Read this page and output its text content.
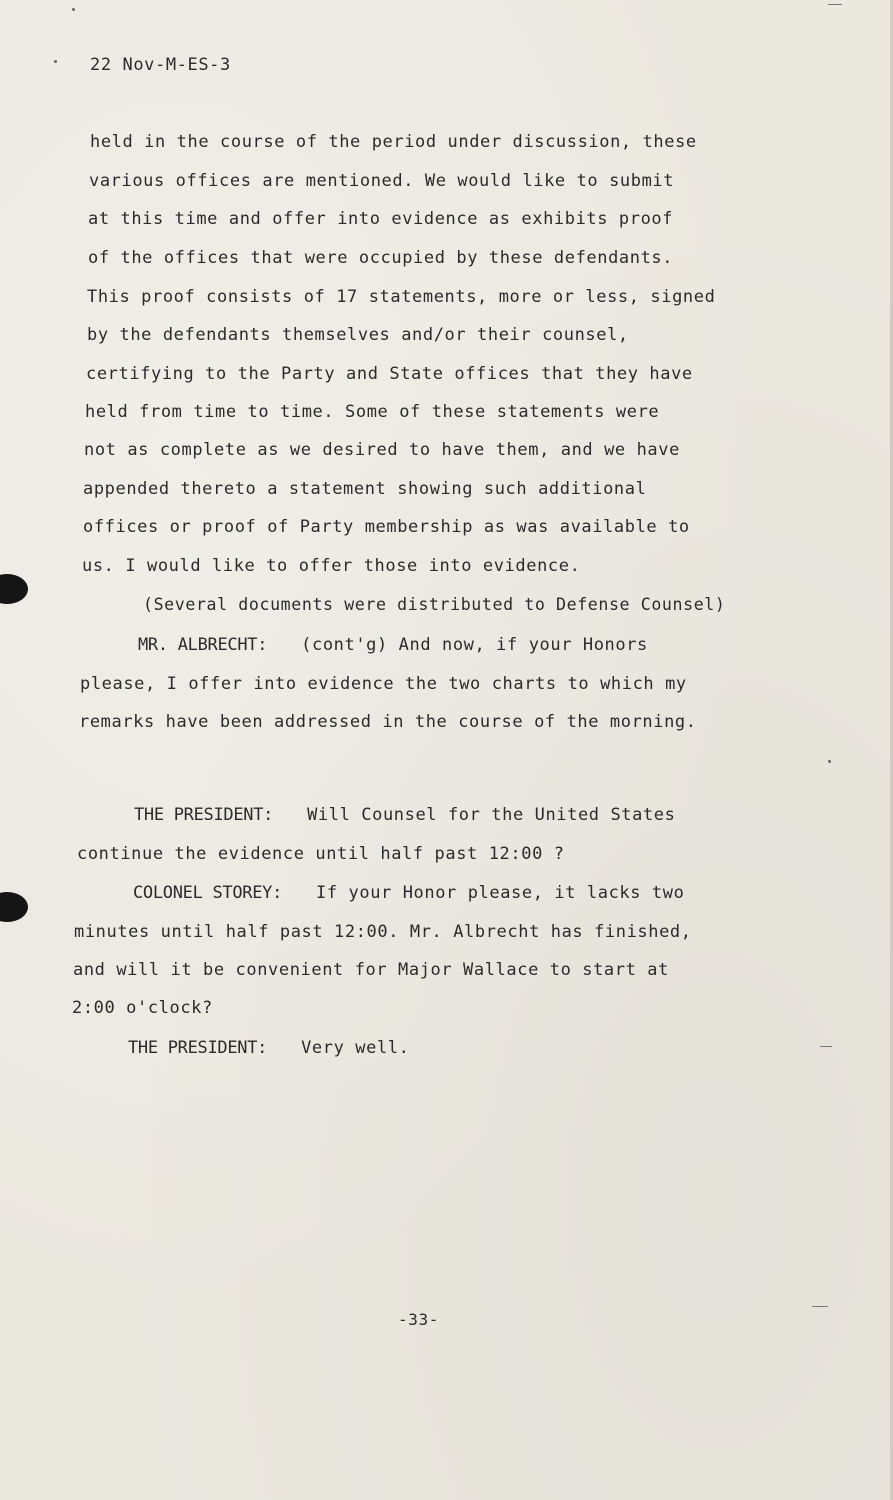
22 Nov-M-ES-3
held in the course of the period under discussion, these
various offices are mentioned. We would like to submit
at this time and offer into evidence as exhibits proof
of the offices that were occupied by these defendants.
This proof consists of 17 statements, more or less, signed
by the defendants themselves and/or their counsel,
certifying to the Party and State offices that they have
held from time to time. Some of these statements were
not as complete as we desired to have them, and we have
appended thereto a statement showing such additional
offices or proof of Party membership as was available to
us. I would like to offer those into evidence.
(Several documents were distributed to Defense Counsel)
MR. ALBRECHT: (cont'g) And now, if your Honors
please, I offer into evidence the two charts to which my
remarks have been addressed in the course of the morning.
THE PRESIDENT: Will Counsel for the United States
continue the evidence until half past 12:00 ?
COLONEL STOREY: If your Honor please, it lacks two
minutes until half past 12:00. Mr. Albrecht has finished,
and will it be convenient for Major Wallace to start at
2:00 o'clock?
THE PRESIDENT: Very well.
-33-
